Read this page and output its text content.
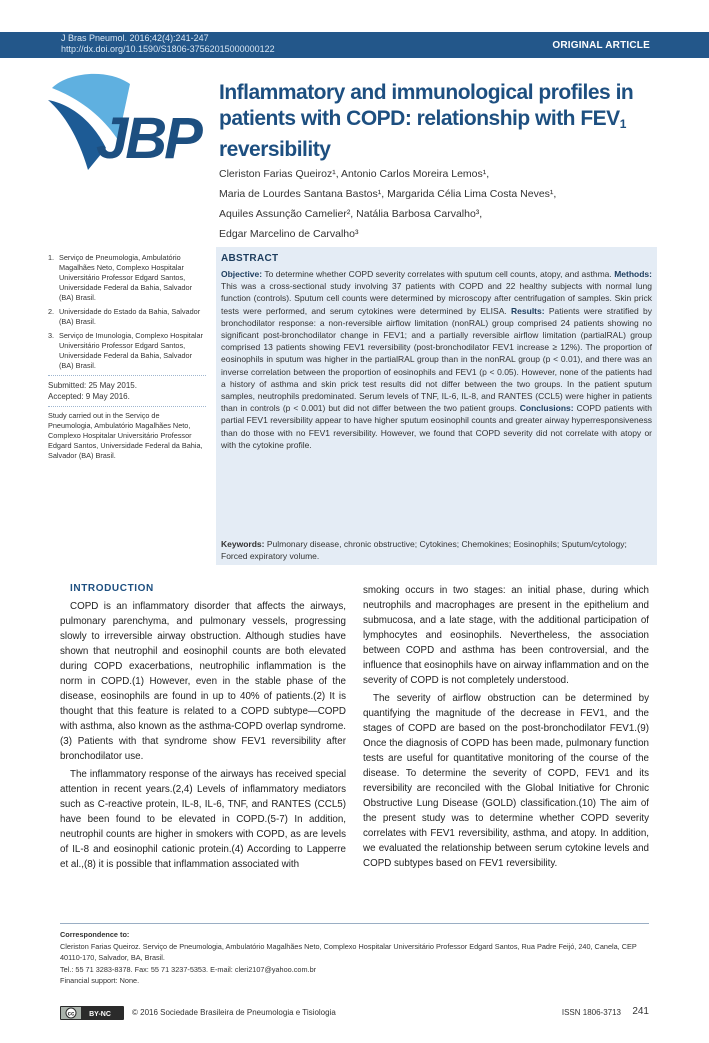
J Bras Pneumol. 2016;42(4):241-247
http://dx.doi.org/10.1590/S1806-37562015000000122	ORIGINAL ARTICLE
JBP
Inflammatory and immunological profiles in patients with COPD: relationship with $FEV_1$ reversibility
Cleriston Farias Queiroz¹, Antonio Carlos Moreira Lemos¹,
Maria de Lourdes Santana Bastos¹, Margarida Célia Lima Costa Neves¹,
Aquiles Assunção Camelier², Natália Barbosa Carvalho³,
Edgar Marcelino de Carvalho³
1. Serviço de Pneumologia, Ambulatório Magalhães Neto, Complexo Hospitalar Universitário Professor Edgard Santos, Universidade Federal da Bahia, Salvador (BA) Brasil.
2. Universidade do Estado da Bahia, Salvador (BA) Brasil.
3. Serviço de Imunologia, Complexo Hospitalar Universitário Professor Edgard Santos, Universidade Federal da Bahia, Salvador (BA) Brasil.
Submitted: 25 May 2015.
Accepted: 9 May 2016.
Study carried out in the Serviço de Pneumologia, Ambulatório Magalhães Neto, Complexo Hospitalar Universitário Professor Edgard Santos, Universidade Federal da Bahia, Salvador (BA) Brasil.
ABSTRACT
Objective: To determine whether COPD severity correlates with sputum cell counts, atopy, and asthma. Methods: This was a cross-sectional study involving 37 patients with COPD and 22 healthy subjects with normal lung function (controls). Sputum cell counts were determined by microscopy after centrifugation of samples. Skin prick tests were performed, and serum cytokines were determined by ELISA. Results: Patients were stratified by bronchodilator response: a non-reversible airflow limitation (nonRAL) group comprised 24 patients showing no significant post-bronchodilator change in FEV1; and a partially reversible airflow limitation (partialRAL) group comprised 13 patients showing FEV1 reversibility (post-bronchodilator FEV1 increase ≥ 12%). The proportion of eosinophils in sputum was higher in the partialRAL group than in the nonRAL group (p < 0.01), and there was an inverse correlation between the proportion of eosinophils and FEV1 (p < 0.05). However, none of the patients had a history of asthma and skin prick test results did not differ between the two groups. In the patient sputum samples, neutrophils predominated. Serum levels of TNF, IL-6, IL-8, and RANTES (CCL5) were higher in patients than in controls (p < 0.001) but did not differ between the two patient groups. Conclusions: COPD patients with partial FEV1 reversibility appear to have higher sputum eosinophil counts and greater airway hyperresponsiveness than do those with no FEV1 reversibility. However, we found that COPD severity did not correlate with atopy or with the cytokine profile.
Keywords: Pulmonary disease, chronic obstructive; Cytokines; Chemokines; Eosinophils; Sputum/cytology; Forced expiratory volume.
INTRODUCTION

COPD is an inflammatory disorder that affects the airways, pulmonary parenchyma, and pulmonary vessels, progressing slowly to irreversible airway obstruction. Although studies have shown that neutrophil and eosinophil counts are both elevated during COPD exacerbations, neutrophilic inflammation is the norm in COPD.(1) However, even in the stable phase of the disease, eosinophils are found in up to 40% of patients.(2) It is thought that this feature is related to a COPD subtype—COPD with asthma, also known as the asthma-COPD overlap syndrome.(3) Patients with that syndrome show FEV1 reversibility after bronchodilator use.

The inflammatory response of the airways has received special attention in recent years.(2,4) Levels of inflammatory mediators such as C-reactive protein, IL-8, IL-6, TNF, and RANTES (CCL5) have been found to be elevated in COPD.(5-7) In addition, neutrophil counts are higher in smokers with COPD, as are levels of IL-8 and eosinophil cationic protein.(4) According to Lapperre et al.,(8) it is possible that inflammation associated with

smoking occurs in two stages: an initial phase, during which neutrophils and macrophages are present in the epithelium and submucosa, and a late stage, with the additional participation of lymphocytes and eosinophils. Nevertheless, the association between COPD and asthma has been controversial, and the influence that eosinophils have on airway inflammation and on the severity of COPD is not completely understood.

The severity of airflow obstruction can be determined by quantifying the magnitude of the decrease in FEV1, and the stages of COPD are based on the post-bronchodilator FEV1.(9) Once the diagnosis of COPD has been made, pulmonary function tests are useful for quantitative monitoring of the course of the disease. To determine the severity of COPD, FEV1 and its reversibility are reconciled with the Global Initiative for Chronic Obstructive Lung Disease (GOLD) classification.(10) The aim of the present study was to determine whether COPD severity correlates with FEV1 reversibility, asthma, and atopy. In addition, we evaluated the relationship between serum cytokine levels and COPD subtypes based on FEV1 reversibility.

Correspondence to:
Cleriston Farias Queiroz. Serviço de Pneumologia, Ambulatório Magalhães Neto, Complexo Hospitalar Universitário Professor Edgard Santos, Rua Padre Feijó, 240, Canela, CEP 40110-170, Salvador, BA, Brasil.
Tel.: 55 71 3283-8378. Fax: 55 71 3237-5353. E-mail: cleri2107@yahoo.com.br
Financial support: None.
cc BY-NC	© 2016 Sociedade Brasileira de Pneumologia e Tisiologia	ISSN 1806-3713 241
